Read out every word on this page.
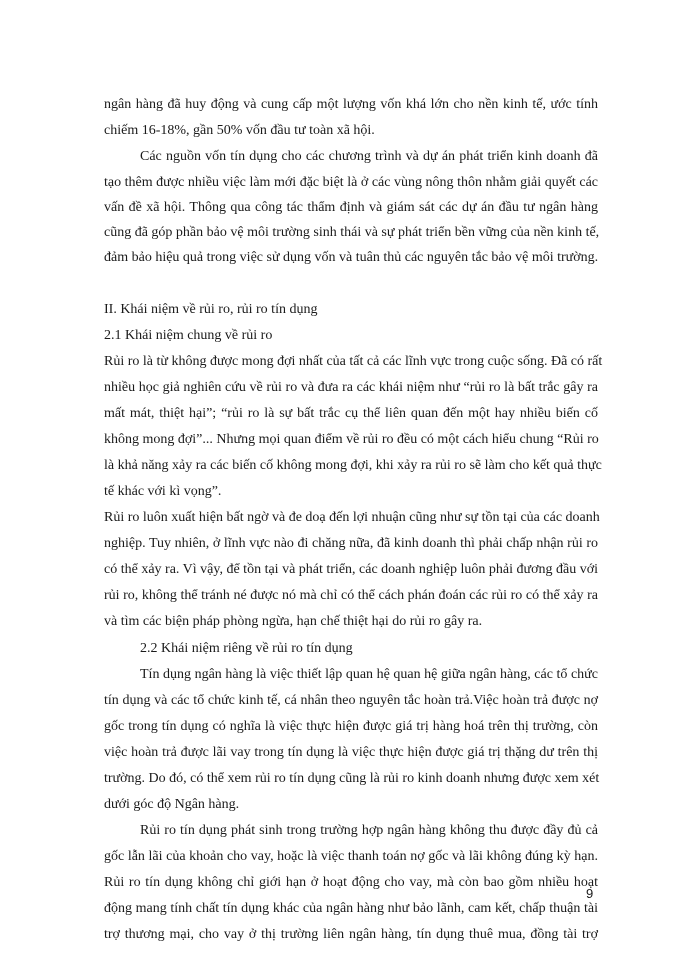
ngân hàng đã huy động và cung cấp một lượng vốn khá lớn cho nền kinh tế, ước tính
chiếm 16-18%, gần 50% vốn đầu tư toàn xã hội.
Các nguồn vốn tín dụng cho các chương trình và dự án phát triển kinh doanh đã
tạo thêm được nhiều việc làm mới đặc biệt là ở các vùng nông thôn nhằm giải quyết các
vấn đề xã hội. Thông qua công tác thẩm định và giám sát các dự án đầu tư ngân hàng
cũng đã góp phần bảo vệ môi trường sinh thái và sự phát triển bền vững của nền kinh tế,
đảm bảo hiệu quả trong việc sử dụng vốn và tuân thủ các nguyên tắc bảo vệ môi trường.
II. Khái niệm về rủi ro, rủi ro tín dụng
2.1 Khái niệm chung về rủi ro
Rủi ro là từ không được mong đợi nhất của tất cả các lĩnh vực trong cuộc sống. Đã có rất
nhiều học giả nghiên cứu về rủi ro và đưa ra các khái niệm như “rủi ro là bất trắc gây ra
mất mát, thiệt hại”; “rủi ro là sự bất trắc cụ thể liên quan đến một hay nhiều biến cố
không mong đợi”... Nhưng mọi quan điểm về rủi ro đều có một cách hiểu chung “Rủi ro
là khả năng xảy ra các biến cố không mong đợi, khi xảy ra rủi ro sẽ làm cho kết quả thực
tế khác với kì vọng”.
Rủi ro luôn xuất hiện bất ngờ và đe doạ đến lợi nhuận cũng như sự tồn tại của các doanh
nghiệp. Tuy nhiên, ở lĩnh vực nào đi chăng nữa, đã kinh doanh thì phải chấp nhận rủi ro
có thể xảy ra. Vì vậy, để tồn tại và phát triển, các doanh nghiệp luôn phải đương đầu với
rủi ro, không thể tránh né được nó mà chỉ có thể cách phán đoán các rủi ro có thể xảy ra
và tìm các biện pháp phòng ngừa, hạn chế thiệt hại do rủi ro gây ra.
2.2 Khái niệm riêng về rủi ro tín dụng
Tín dụng ngân hàng là việc thiết lập quan hệ quan hệ giữa ngân hàng, các tổ chức
tín dụng và các tổ chức kinh tế, cá nhân theo nguyên tắc hoàn trả.Việc hoàn trả được nợ
gốc trong tín dụng có nghĩa là việc thực hiện được giá trị hàng hoá trên thị trường, còn
việc hoàn trả được lãi vay trong tín dụng là việc thực hiện được giá trị thặng dư trên thị
trường. Do đó, có thể xem rủi ro tín dụng cũng là rủi ro kinh doanh nhưng được xem xét
dưới góc độ Ngân hàng.
Rủi ro tín dụng phát sinh trong trường hợp ngân hàng không thu được đầy đủ cả
gốc lẫn lãi của khoản cho vay, hoặc là việc thanh toán nợ gốc và lãi không đúng kỳ hạn.
Rủi ro tín dụng không chỉ giới hạn ở hoạt động cho vay, mà còn bao gồm nhiều hoạt
động mang tính chất tín dụng khác của ngân hàng như bảo lãnh, cam kết, chấp thuận tài
trợ thương mại, cho vay ở thị trường liên ngân hàng, tín dụng thuê mua, đồng tài trợ
9
